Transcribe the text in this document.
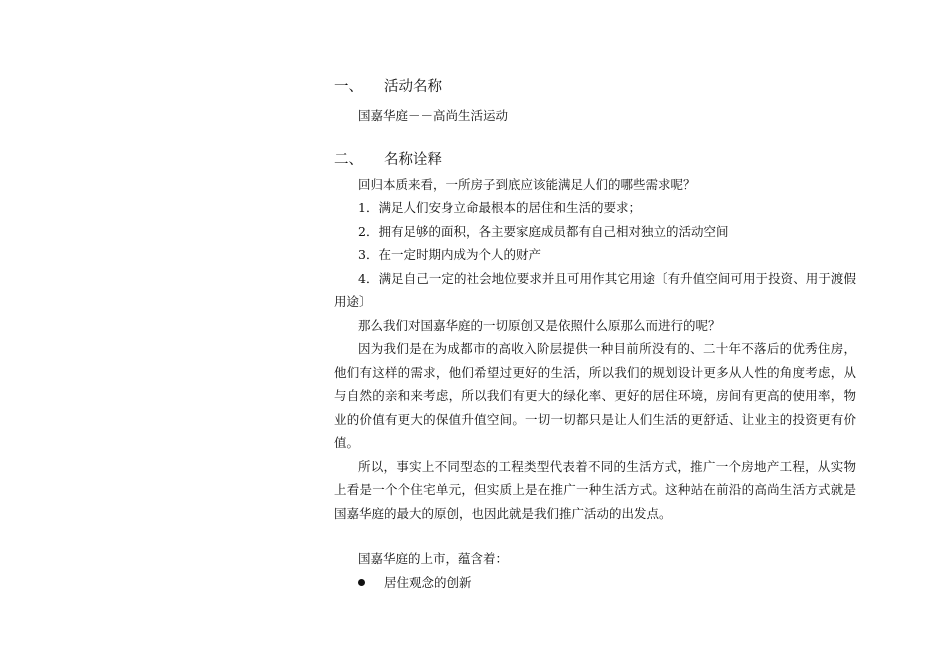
一、	活动名称

国嘉华庭－－高尚生活运动

二、	名称诠释

回归本质来看，一所房子到底应该能满足人们的哪些需求呢？

1．满足人们安身立命最根本的居住和生活的要求；

2．拥有足够的面积，各主要家庭成员都有自己相对独立的活动空间

3．在一定时期内成为个人的财产

4．满足自己一定的社会地位要求并且可用作其它用途〔有升值空间可用于投资、用于渡假用途〕

那么我们对国嘉华庭的一切原创又是依照什么原那么而进行的呢？

因为我们是在为成都市的高收入阶层提供一种目前所没有的、二十年不落后的优秀住房，他们有这样的需求，他们希望过更好的生活，所以我们的规划设计更多从人性的角度考虑，从与自然的亲和来考虑，所以我们有更大的绿化率、更好的居住环境，房间有更高的使用率，物业的价值有更大的保值升值空间。一切一切都只是让人们生活的更舒适、让业主的投资更有价值。

所以，事实上不同型态的工程类型代表着不同的生活方式，推广一个房地产工程，从实物上看是一个个住宅单元，但实质上是在推广一种生活方式。这种站在前沿的高尚生活方式就是国嘉华庭的最大的原创，也因此就是我们推广活动的出发点。

国嘉华庭的上市，蕴含着：

居住观念的创新
